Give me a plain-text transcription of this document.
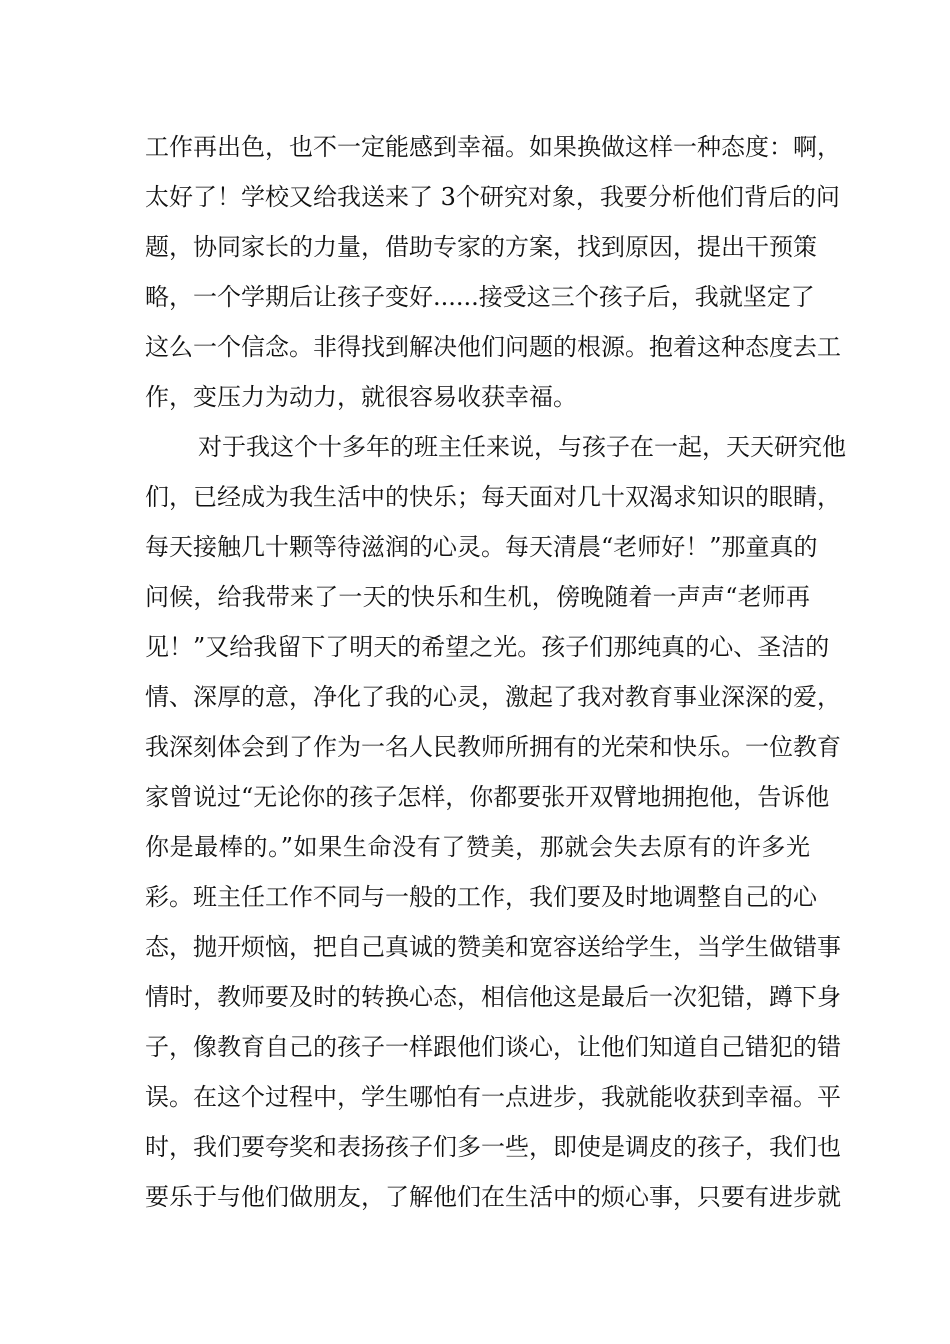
工作再出色，也不一定能感到幸福。如果换做这样一种态度：啊，
太好了！学校又给我送来了 3个研究对象，我要分析他们背后的问
题，协同家长的力量，借助专家的方案，找到原因，提出干预策
略，一个学期后让孩子变好......接受这三个孩子后，我就坚定了
这么一个信念。非得找到解决他们问题的根源。抱着这种态度去工
作，变压力为动力，就很容易收获幸福。
对于我这个十多年的班主任来说，与孩子在一起，天天研究他
们，已经成为我生活中的快乐；每天面对几十双渴求知识的眼睛，
每天接触几十颗等待滋润的心灵。每天清晨“老师好！”那童真的
问候，给我带来了一天的快乐和生机，傍晚随着一声声“老师再
见！”又给我留下了明天的希望之光。孩子们那纯真的心、圣洁的
情、深厚的意，净化了我的心灵，激起了我对教育事业深深的爱，
我深刻体会到了作为一名人民教师所拥有的光荣和快乐。一位教育
家曾说过“无论你的孩子怎样，你都要张开双臂地拥抱他，告诉他
你是最棒的。”如果生命没有了赞美，那就会失去原有的许多光
彩。班主任工作不同与一般的工作，我们要及时地调整自己的心
态，抛开烦恼，把自己真诚的赞美和宽容送给学生，当学生做错事
情时，教师要及时的转换心态，相信他这是最后一次犯错，蹲下身
子，像教育自己的孩子一样跟他们谈心，让他们知道自己错犯的错
误。在这个过程中，学生哪怕有一点进步，我就能收获到幸福。平
时，我们要夸奖和表扬孩子们多一些，即使是调皮的孩子，我们也
要乐于与他们做朋友，了解他们在生活中的烦心事，只要有进步就
